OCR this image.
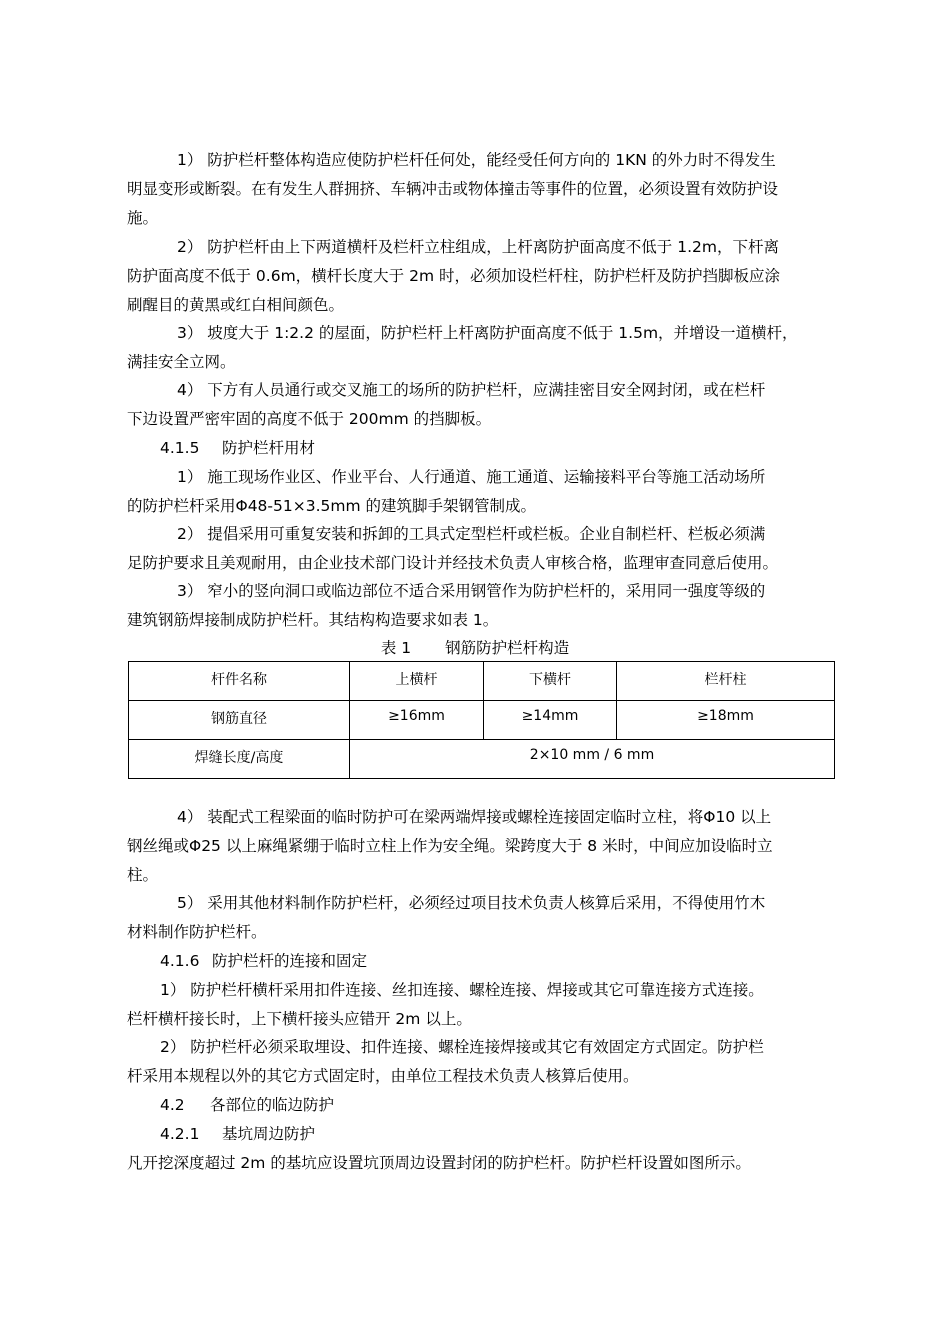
1） 防护栏杆整体构造应使防护栏杆任何处，能经受任何方向的 1KN 的外力时不得发生
明显变形或断裂。在有发生人群拥挤、车辆冲击或物体撞击等事件的位置，必须设置有效防护设
施。
2） 防护栏杆由上下两道横杆及栏杆立柱组成，上杆离防护面高度不低于 1.2m，下杆离
防护面高度不低于 0.6m，横杆长度大于 2m 时，必须加设栏杆柱，防护栏杆及防护挡脚板应涂
刷醒目的黄黑或红白相间颜色。
3） 坡度大于 1:2.2 的屋面，防护栏杆上杆离防护面高度不低于 1.5m，并增设一道横杆，
满挂安全立网。
4） 下方有人员通行或交叉施工的场所的防护栏杆，应满挂密目安全网封闭，或在栏杆
下边设置严密牢固的高度不低于 200mm 的挡脚板。
4.1.5 防护栏杆用材
1） 施工现场作业区、作业平台、人行通道、施工通道、运输接料平台等施工活动场所
的防护栏杆采用Φ48-51×3.5mm 的建筑脚手架钢管制成。
2） 提倡采用可重复安装和拆卸的工具式定型栏杆或栏板。企业自制栏杆、栏板必须满
足防护要求且美观耐用，由企业技术部门设计并经技术负责人审核合格，监理审查同意后使用。
3） 窄小的竖向洞口或临边部位不适合采用钢管作为防护栏杆的，采用同一强度等级的
建筑钢筋焊接制成防护栏杆。其结构构造要求如表 1。
表 1 钢筋防护栏杆构造
杆件名称	上横杆	下横杆	栏杆柱

钢筋直径	≥16mm	≥14mm	≥18mm

焊缝长度/高度	2×10 mm / 6 mm		
4） 装配式工程梁面的临时防护可在梁两端焊接或螺栓连接固定临时立柱，将Φ10 以上
钢丝绳或Φ25 以上麻绳紧绷于临时立柱上作为安全绳。梁跨度大于 8 米时，中间应加设临时立
柱。
5） 采用其他材料制作防护栏杆，必须经过项目技术负责人核算后采用，不得使用竹木
材料制作防护栏杆。
4.1.6 防护栏杆的连接和固定
1） 防护栏杆横杆采用扣件连接、丝扣连接、螺栓连接、焊接或其它可靠连接方式连接。
栏杆横杆接长时，上下横杆接头应错开 2m 以上。
2） 防护栏杆必须采取埋设、扣件连接、螺栓连接焊接或其它有效固定方式固定。防护栏
杆采用本规程以外的其它方式固定时，由单位工程技术负责人核算后使用。
4.2 各部位的临边防护
4.2.1 基坑周边防护
凡开挖深度超过 2m 的基坑应设置坑顶周边设置封闭的防护栏杆。防护栏杆设置如图所示。
